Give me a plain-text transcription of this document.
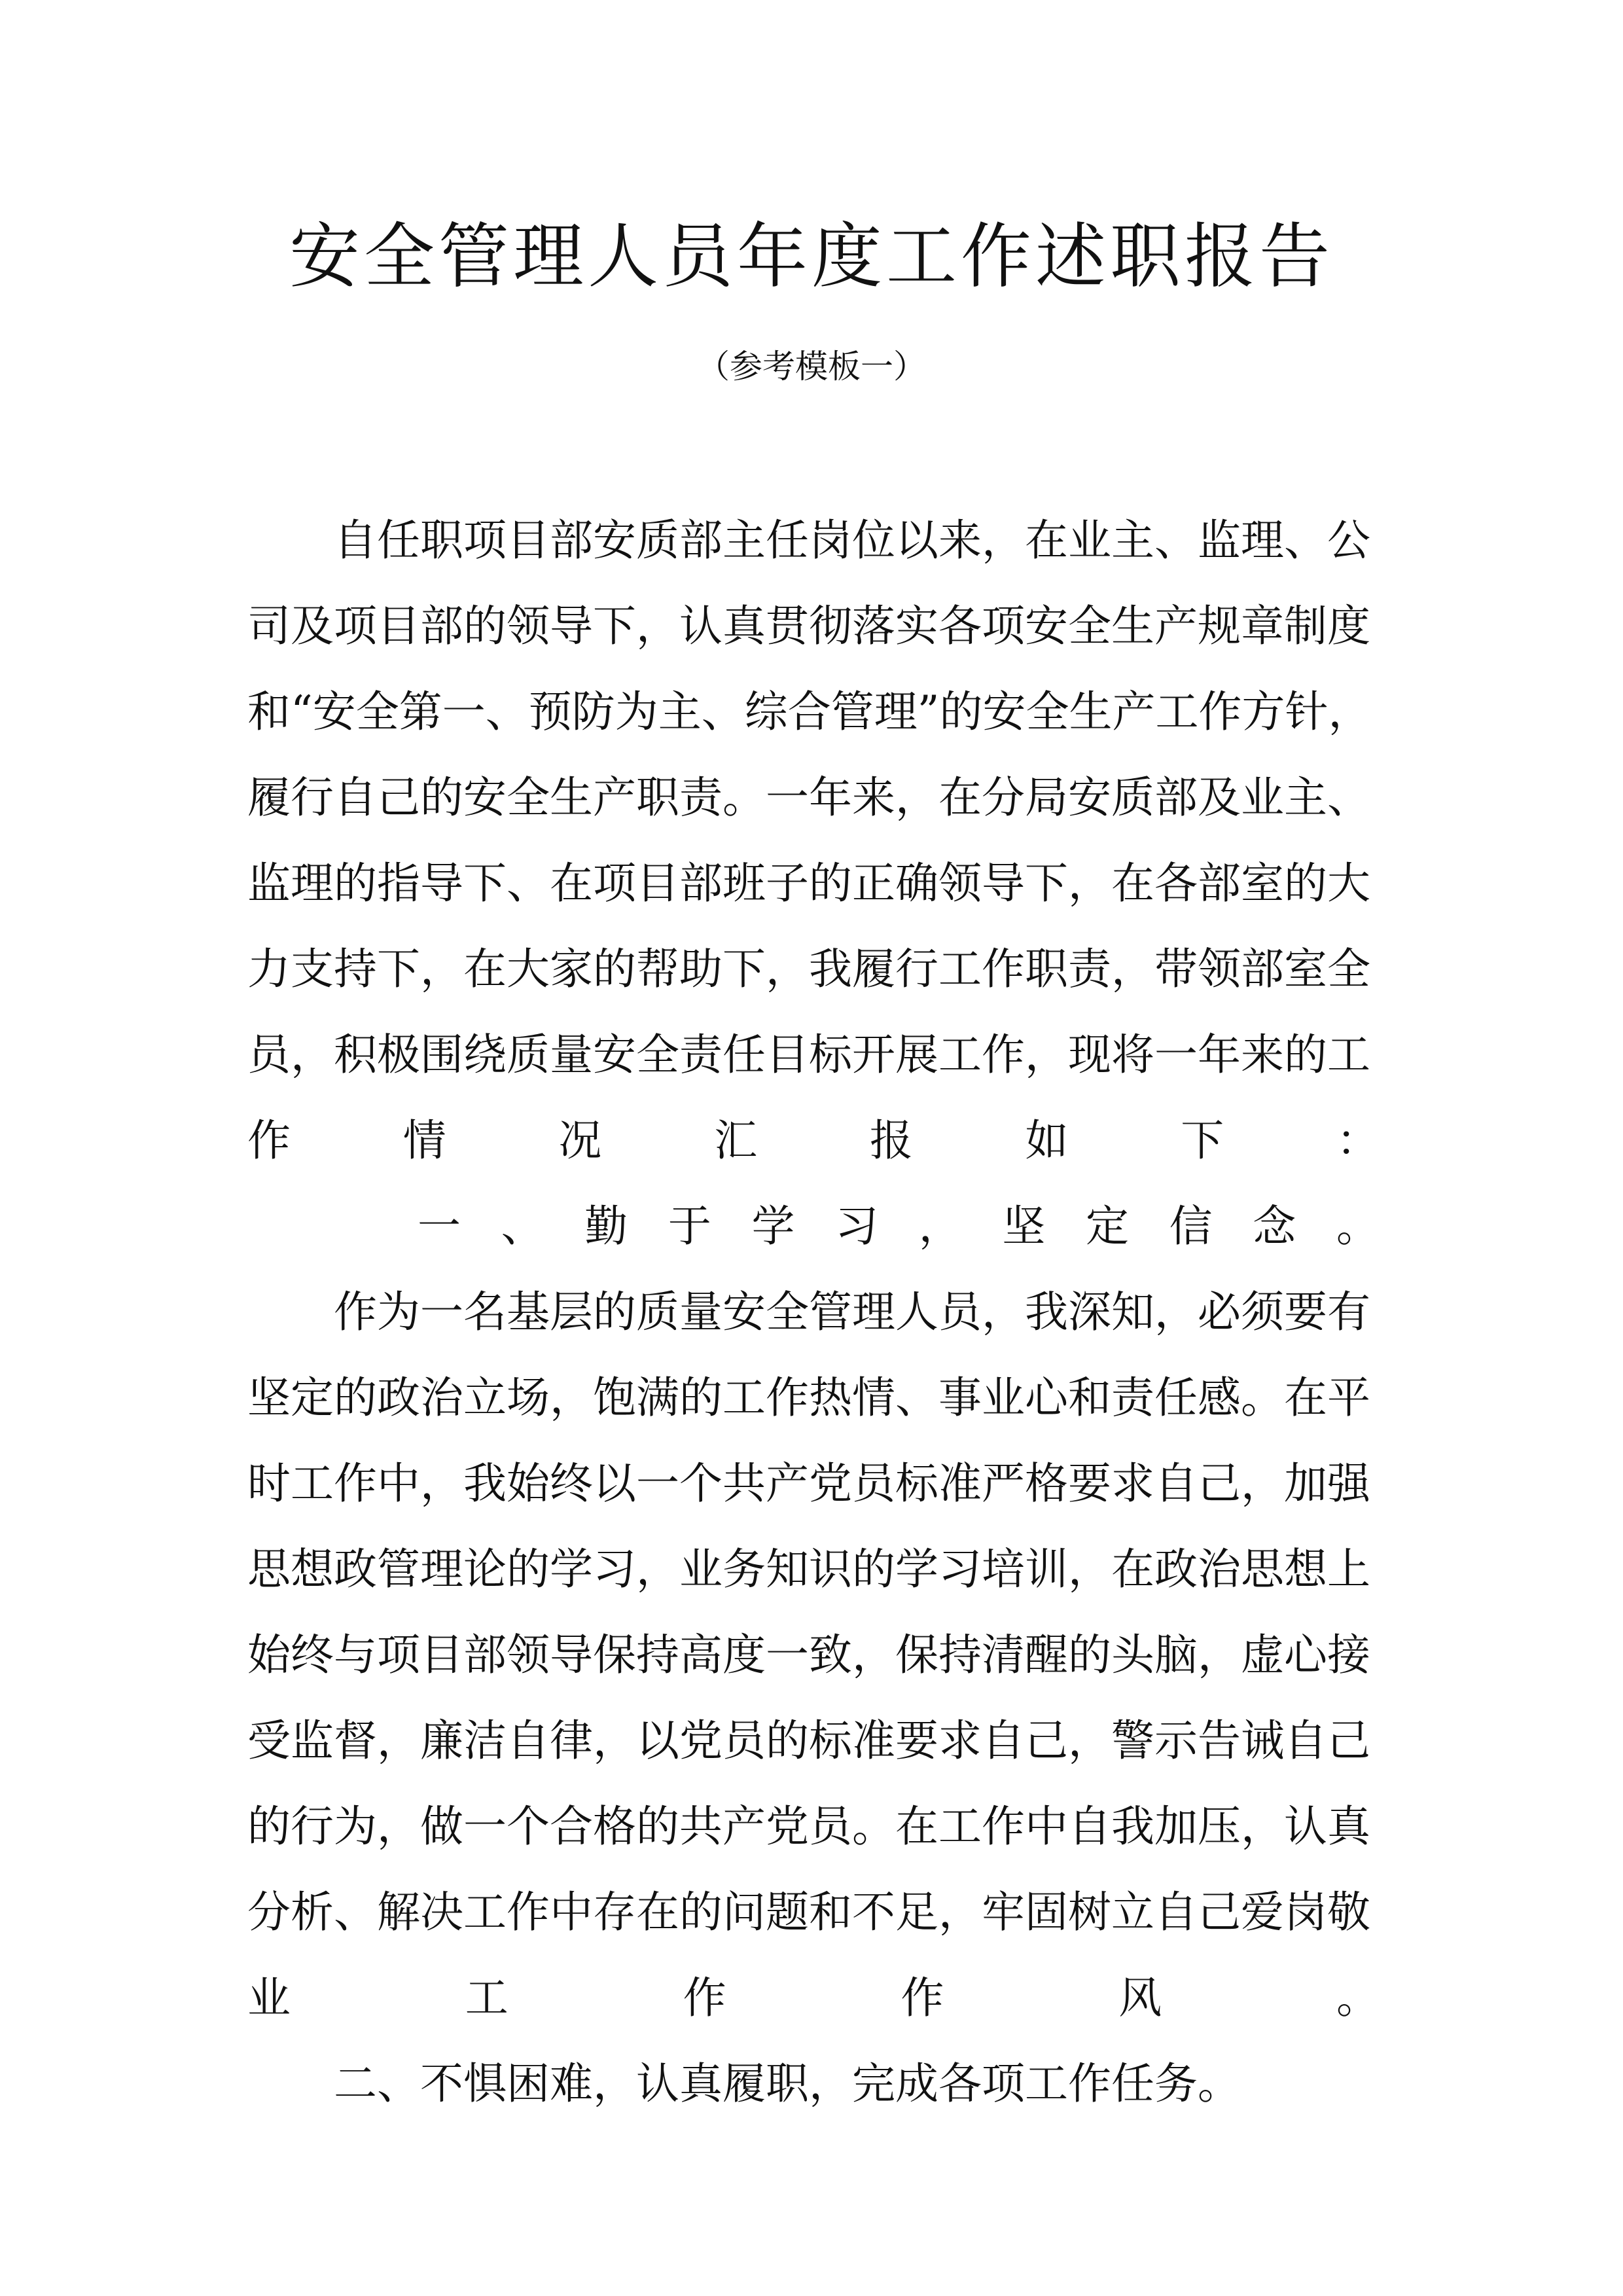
安全管理人员年度工作述职报告
（参考模板一）
自任职项目部安质部主任岗位以来，在业主、监理、公
司及项目部的领导下，认真贯彻落实各项安全生产规章制度
和“安全第一、预防为主、综合管理”的安全生产工作方针，
履行自己的安全生产职责。一年来，在分局安质部及业主、
监理的指导下、在项目部班子的正确领导下，在各部室的大
力支持下，在大家的帮助下，我履行工作职责，带领部室全
员，积极围绕质量安全责任目标开展工作，现将一年来的工
作	情	况	汇	报	如	下	：
一 、 勤 于 学 习 ， 坚 定 信 念 。
作为一名基层的质量安全管理人员，我深知，必须要有
坚定的政治立场，饱满的工作热情、事业心和责任感。在平
时工作中，我始终以一个共产党员标准严格要求自己，加强
思想政管理论的学习，业务知识的学习培训，在政治思想上
始终与项目部领导保持高度一致，保持清醒的头脑，虚心接
受监督，廉洁自律，以党员的标准要求自己，警示告诫自己
的行为，做一个合格的共产党员。在工作中自我加压，认真
分析、解决工作中存在的问题和不足，牢固树立自己爱岗敬
业	工	作	作	风	。
二、不惧困难，认真履职，完成各项工作任务。
